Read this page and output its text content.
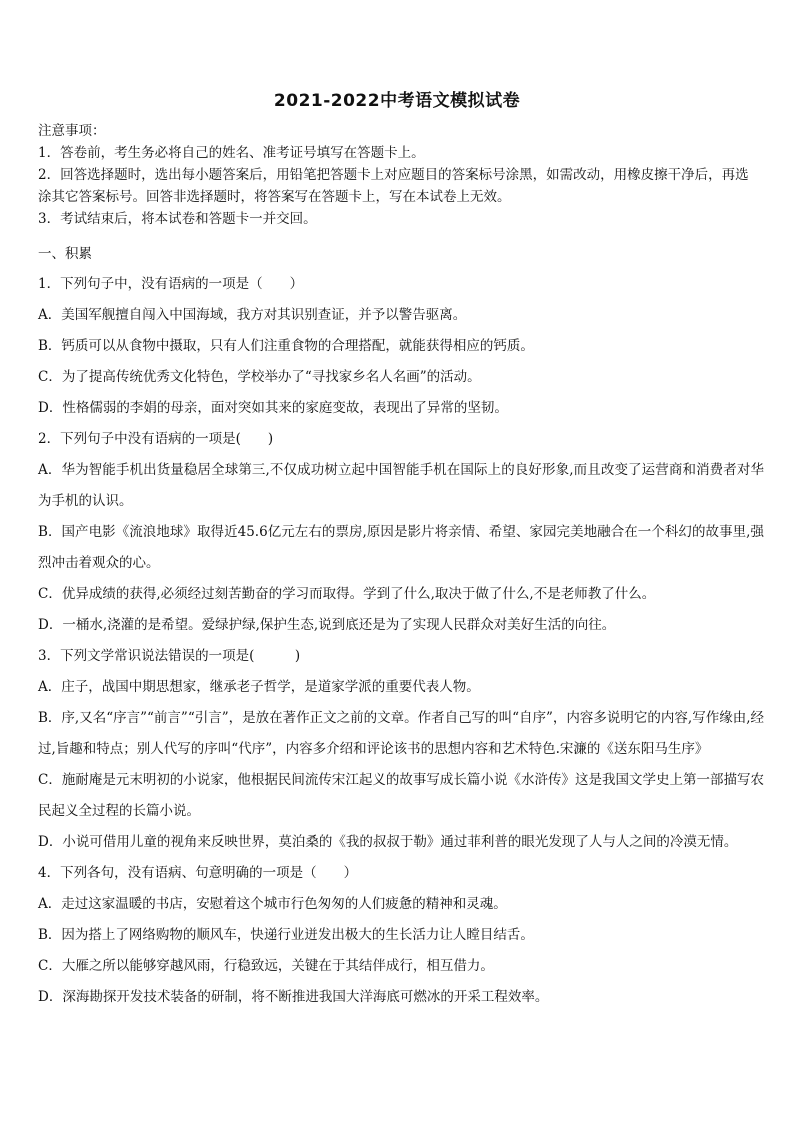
2021-2022中考语文模拟试卷

注意事项：

1．答卷前，考生务必将自己的姓名、准考证号填写在答题卡上。

2．回答选择题时，选出每小题答案后，用铅笔把答题卡上对应题目的答案标号涂黑，如需改动，用橡皮擦干净后，再选涂其它答案标号。回答非选择题时，将答案写在答题卡上，写在本试卷上无效。

3．考试结束后，将本试卷和答题卡一并交回。

一、积累

1．下列句子中，没有语病的一项是（　　）

A．美国军舰擅自闯入中国海域，我方对其识别查证，并予以警告驱离。

B．钙质可以从食物中摄取，只有人们注重食物的合理搭配，就能获得相应的钙质。

C．为了提高传统优秀文化特色，学校举办了“寻找家乡名人名画”的活动。

D．性格儒弱的李娟的母亲，面对突如其来的家庭变故，表现出了异常的坚韧。

2．下列句子中没有语病的一项是(　　)

A．华为智能手机出货量稳居全球第三,不仅成功树立起中国智能手机在国际上的良好形象,而且改变了运营商和消费者对华为手机的认识。

B．国产电影《流浪地球》取得近45.6亿元左右的票房,原因是影片将亲情、希望、家园完美地融合在一个科幻的故事里,强烈冲击着观众的心。

C．优异成绩的获得,必须经过刻苦勤奋的学习而取得。学到了什么,取决于做了什么,不是老师教了什么。

D．一桶水,浇灌的是希望。爱绿护绿,保护生态,说到底还是为了实现人民群众对美好生活的向往。

3．下列文学常识说法错误的一项是(　　　)

A．庄子，战国中期思想家，继承老子哲学，是道家学派的重要代表人物。

B．序,又名“序言”“前言”“引言”，是放在著作正文之前的文章。作者自己写的叫“自序”，内容多说明它的内容,写作缘由,经过,旨趣和特点；别人代写的序叫“代序”，内容多介绍和评论该书的思想内容和艺术特色.宋濂的《送东阳马生序》

C．施耐庵是元末明初的小说家，他根据民间流传宋江起义的故事写成长篇小说《水浒传》这是我国文学史上第一部描写农民起义全过程的长篇小说。

D．小说可借用儿童的视角来反映世界，莫泊桑的《我的叔叔于勒》通过菲利普的眼光发现了人与人之间的冷漠无情。

4．下列各句，没有语病、句意明确的一项是（　　）

A．走过这家温暖的书店，安慰着这个城市行色匆匆的人们疲惫的精神和灵魂。

B．因为搭上了网络购物的顺风车，快递行业迸发出极大的生长活力让人瞠目结舌。

C．大雁之所以能够穿越风雨，行稳致远，关键在于其结伴成行，相互借力。

D．深海勘探开发技术装备的研制，将不断推进我国大洋海底可燃冰的开采工程效率。
